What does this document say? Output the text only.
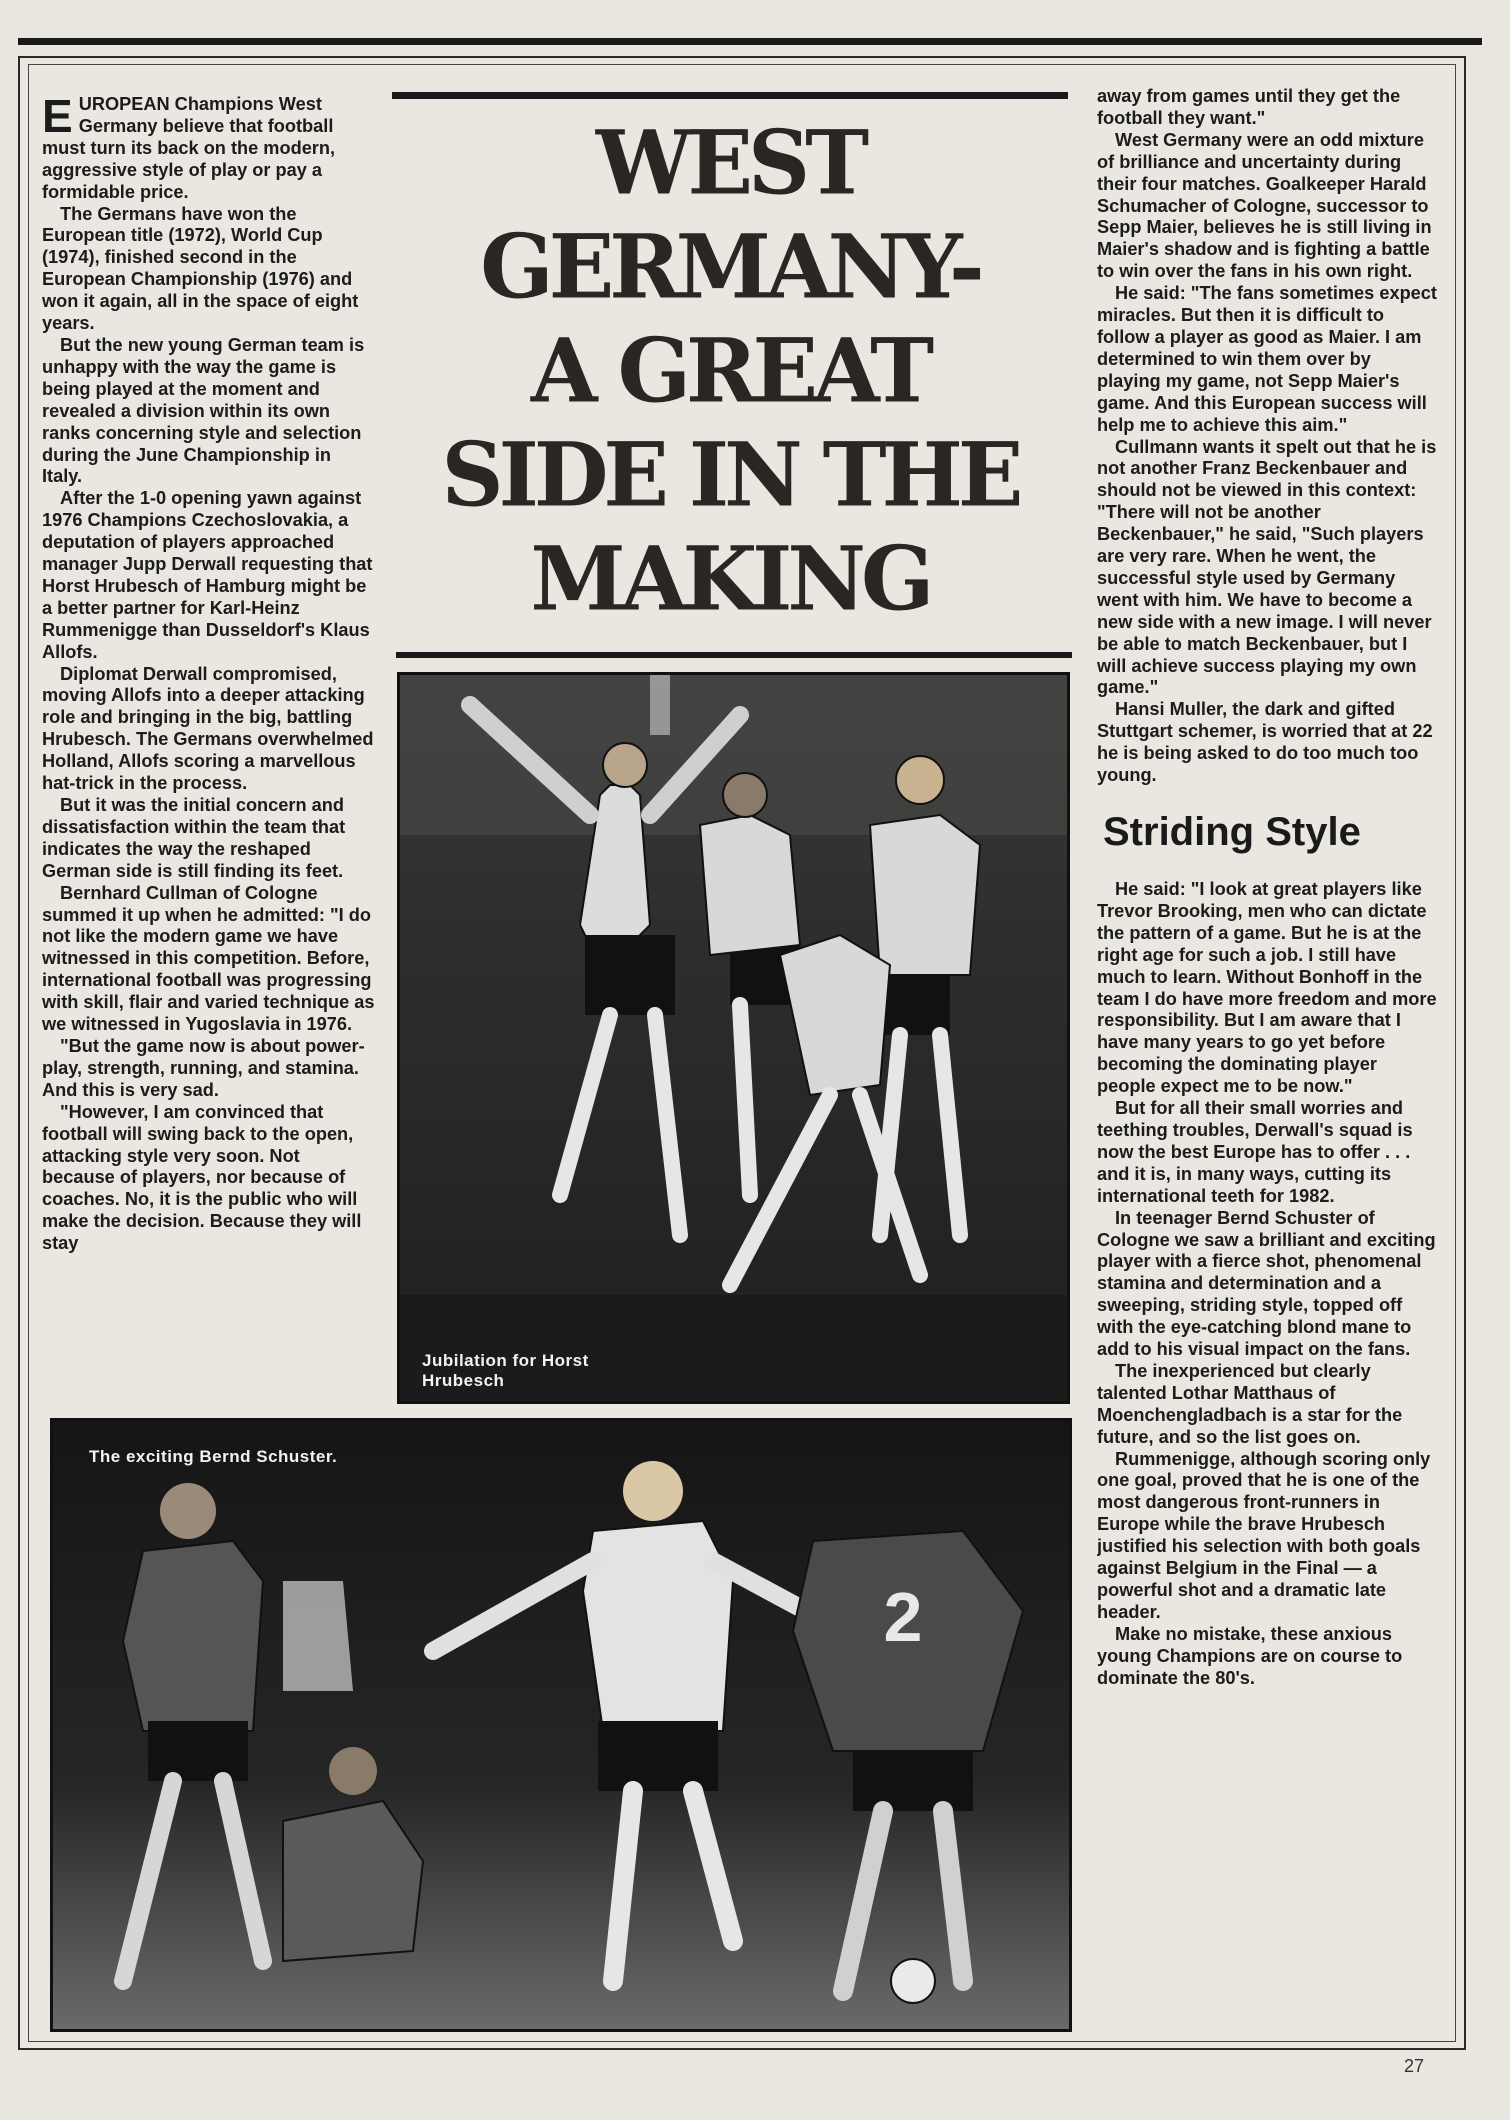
EUROPEAN Champions West Germany believe that football must turn its back on the modern, aggressive style of play or pay a formidable price.

The Germans have won the European title (1972), World Cup (1974), finished second in the European Championship (1976) and won it again, all in the space of eight years.

But the new young German team is unhappy with the way the game is being played at the moment and revealed a division within its own ranks concerning style and selection during the June Championship in Italy.

After the 1-0 opening yawn against 1976 Champions Czechoslovakia, a deputation of players approached manager Jupp Derwall requesting that Horst Hrubesch of Hamburg might be a better partner for Karl-Heinz Rummenigge than Dusseldorf's Klaus Allofs.

Diplomat Derwall compromised, moving Allofs into a deeper attacking role and bringing in the big, battling Hrubesch. The Germans overwhelmed Holland, Allofs scoring a marvellous hat-trick in the process.

But it was the initial concern and dissatisfaction within the team that indicates the way the reshaped German side is still finding its feet.

Bernhard Cullman of Cologne summed it up when he admitted: "I do not like the modern game we have witnessed in this competition. Before, international football was progressing with skill, flair and varied technique as we witnessed in Yugoslavia in 1976.

"But the game now is about power-play, strength, running, and stamina. And this is very sad.

"However, I am convinced that football will swing back to the open, attacking style very soon. Not because of players, nor because of coaches. No, it is the public who will make the decision. Because they will stay

WEST
GERMANY-
A GREAT
SIDE IN THE
MAKING
Jubilation for Horst Hrubesch

away from games until they get the football they want."

West Germany were an odd mixture of brilliance and uncertainty during their four matches. Goalkeeper Harald Schumacher of Cologne, successor to Sepp Maier, believes he is still living in Maier's shadow and is fighting a battle to win over the fans in his own right.

He said: "The fans sometimes expect miracles. But then it is difficult to follow a player as good as Maier. I am determined to win them over by playing my game, not Sepp Maier's game. And this European success will help me to achieve this aim."

Cullmann wants it spelt out that he is not another Franz Beckenbauer and should not be viewed in this context: "There will not be another Beckenbauer," he said, "Such players are very rare. When he went, the successful style used by Germany went with him. We have to become a new side with a new image. I will never be able to match Beckenbauer, but I will achieve success playing my own game."

Hansi Muller, the dark and gifted Stuttgart schemer, is worried that at 22 he is being asked to do too much too young.

Striding Style

He said: "I look at great players like Trevor Brooking, men who can dictate the pattern of a game. But he is at the right age for such a job. I still have much to learn. Without Bonhoff in the team I do have more freedom and more responsibility. But I am aware that I have many years to go yet before becoming the dominating player people expect me to be now."

But for all their small worries and teething troubles, Derwall's squad is now the best Europe has to offer . . . and it is, in many ways, cutting its international teeth for 1982.

In teenager Bernd Schuster of Cologne we saw a brilliant and exciting player with a fierce shot, phenomenal stamina and determination and a sweeping, striding style, topped off with the eye-catching blond mane to add to his visual impact on the fans.

The inexperienced but clearly talented Lothar Matthaus of Moenchengladbach is a star for the future, and so the list goes on.

Rummenigge, although scoring only one goal, proved that he is one of the most dangerous front-runners in Europe while the brave Hrubesch justified his selection with both goals against Belgium in the Final — a powerful shot and a dramatic late header.

Make no mistake, these anxious young Champions are on course to dominate the 80's.

2
The exciting Bernd Schuster.
27
